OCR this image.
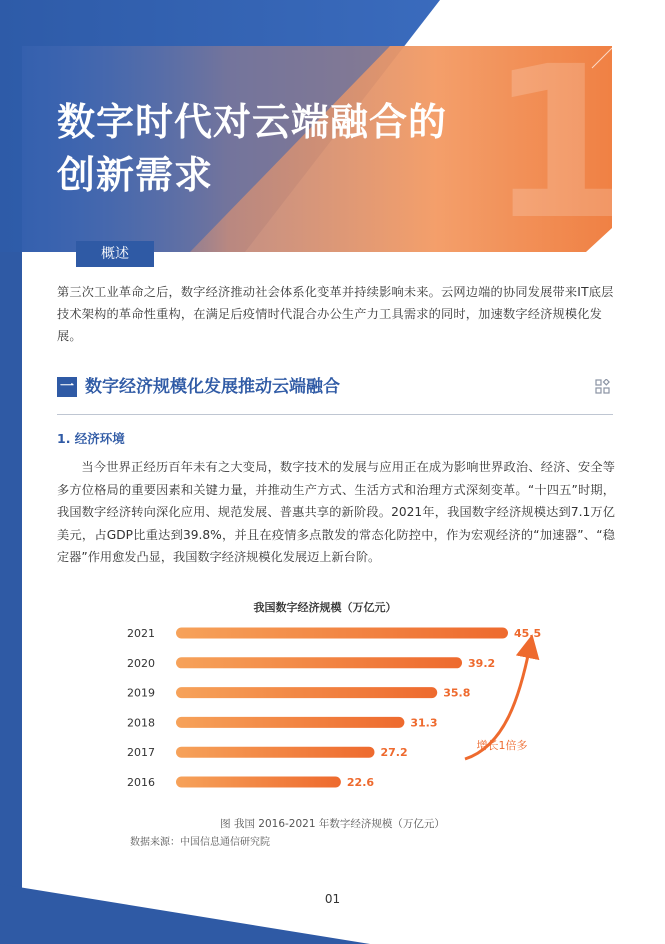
1
数字时代对云端融合的
创新需求
概述

第三次工业革命之后，数字经济推动社会体系化变革并持续影响未来。云网边端的协同发展带来IT底层技术架构的革命性重构，在满足后疫情时代混合办公生产力工具需求的同时，加速数字经济规模化发展。

一 数字经济规模化发展推动云端融合
1. 经济环境

当今世界正经历百年未有之大变局，数字技术的发展与应用正在成为影响世界政治、经济、安全等多方位格局的重要因素和关键力量，并推动生产方式、生活方式和治理方式深刻变革。“十四五”时期，我国数字经济转向深化应用、规范发展、普惠共享的新阶段。2021年，我国数字经济规模达到7.1万亿美元，占GDP比重达到39.8%，并且在疫情多点散发的常态化防控中，作为宏观经济的“加速器”、“稳定器”作用愈发凸显，我国数字经济规模化发展迈上新台阶。

我国数字经济规模（万亿元）
2021	45.5
2020	39.2
2019	35.8
2018	31.3
2017	27.2
2016	22.6
增长1倍多
图 我国 2016-2021 年数字经济规模（万亿元）
数据来源：中国信息通信研究院
01
